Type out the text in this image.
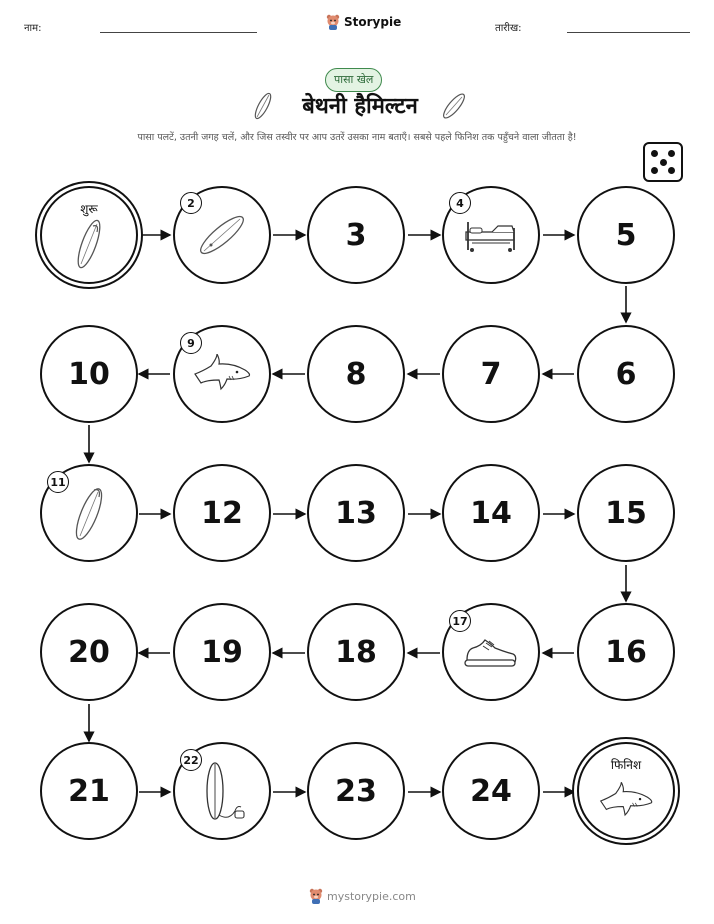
नाम:	Storypie	तारीख:
पासा खेल
बेथनी हैमिल्टन
पासा पलटें, उतनी जगह चलें, और जिस तस्वीर पर आप उतरें उसका नाम बताएँ। सबसे पहले फिनिश तक पहुँचने वाला जीतता है!
शुरू	2
3
4
5
10
9
8	7	6
11
12	13	14	15
20	19	18
17
16
21
22
23	24
फिनिश
mystorypie.com
